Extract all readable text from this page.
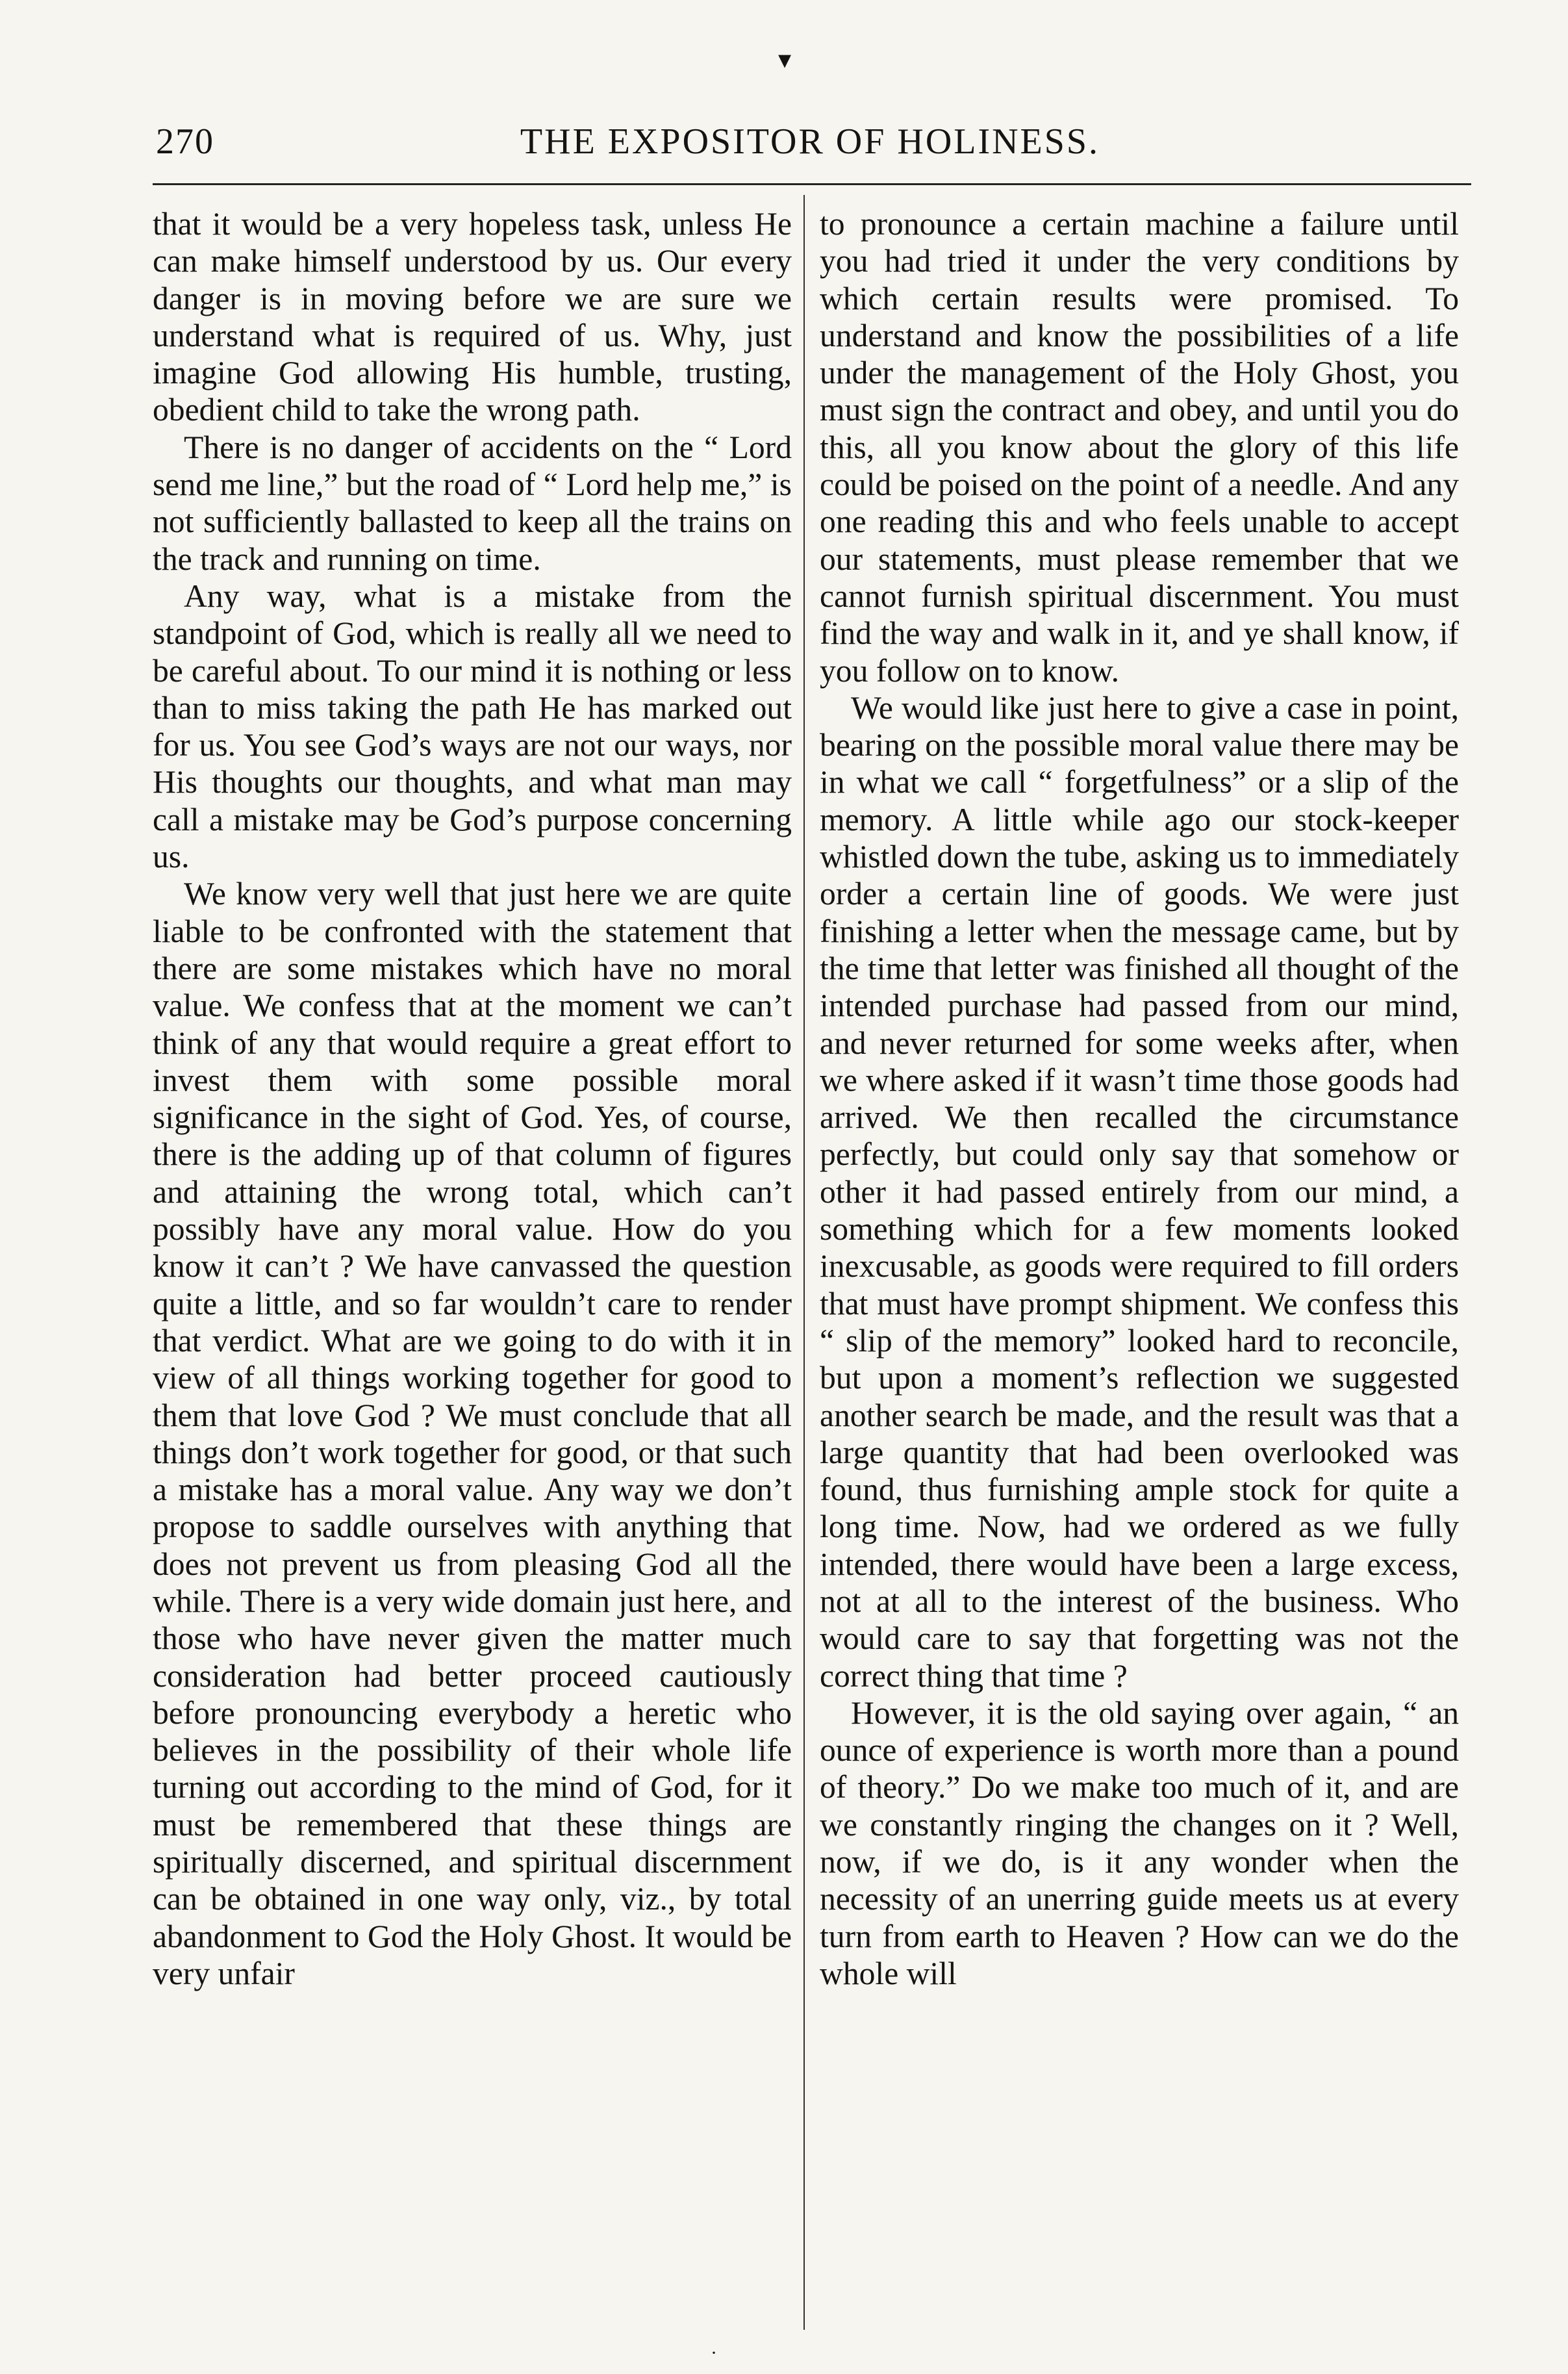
▾
270	THE EXPOSITOR OF HOLINESS.

that it would be a very hopeless task, unless He can make himself understood by us. Our every danger is in moving before we are sure we understand what is required of us. Why, just imagine God allowing His humble, trusting, obedient child to take the wrong path.

There is no danger of accidents on the “ Lord send me line,” but the road of “ Lord help me,” is not sufficiently ballasted to keep all the trains on the track and running on time.

Any way, what is a mistake from the standpoint of God, which is really all we need to be careful about. To our mind it is nothing or less than to miss taking the path He has marked out for us. You see God’s ways are not our ways, nor His thoughts our thoughts, and what man may call a mistake may be God’s purpose concerning us.

We know very well that just here we are quite liable to be confronted with the statement that there are some mistakes which have no moral value. We confess that at the moment we can’t think of any that would require a great effort to invest them with some possible moral significance in the sight of God. Yes, of course, there is the adding up of that column of figures and attaining the wrong total, which can’t possibly have any moral value. How do you know it can’t ? We have canvassed the question quite a little, and so far wouldn’t care to render that verdict. What are we going to do with it in view of all things working together for good to them that love God ? We must conclude that all things don’t work together for good, or that such a mistake has a moral value. Any way we don’t propose to saddle ourselves with anything that does not prevent us from pleasing God all the while. There is a very wide domain just here, and those who have never given the matter much consideration had better proceed cautiously before pronouncing everybody a heretic who believes in the possibility of their whole life turning out according to the mind of God, for it must be remembered that these things are spiritually discerned, and spiritual discernment can be obtained in one way only, viz., by total abandonment to God the Holy Ghost. It would be very unfair

to pronounce a certain machine a failure until you had tried it under the very conditions by which certain results were promised. To understand and know the possibilities of a life under the management of the Holy Ghost, you must sign the contract and obey, and until you do this, all you know about the glory of this life could be poised on the point of a needle. And any one reading this and who feels unable to accept our statements, must please remember that we cannot furnish spiritual discernment. You must find the way and walk in it, and ye shall know, if you follow on to know.

We would like just here to give a case in point, bearing on the possible moral value there may be in what we call “ forgetfulness” or a slip of the memory. A little while ago our stock-keeper whistled down the tube, asking us to immediately order a certain line of goods. We were just finishing a letter when the message came, but by the time that letter was finished all thought of the intended purchase had passed from our mind, and never returned for some weeks after, when we where asked if it wasn’t time those goods had arrived. We then recalled the circumstance perfectly, but could only say that somehow or other it had passed entirely from our mind, a something which for a few moments looked inexcusable, as goods were required to fill orders that must have prompt shipment. We confess this “ slip of the memory” looked hard to reconcile, but upon a moment’s reflection we suggested another search be made, and the result was that a large quantity that had been overlooked was found, thus furnishing ample stock for quite a long time. Now, had we ordered as we fully intended, there would have been a large excess, not at all to the interest of the business. Who would care to say that forgetting was not the correct thing that time ?

However, it is the old saying over again, “ an ounce of experience is worth more than a pound of theory.” Do we make too much of it, and are we constantly ringing the changes on it ? Well, now, if we do, is it any wonder when the necessity of an unerring guide meets us at every turn from earth to Heaven ? How can we do the whole will

·
